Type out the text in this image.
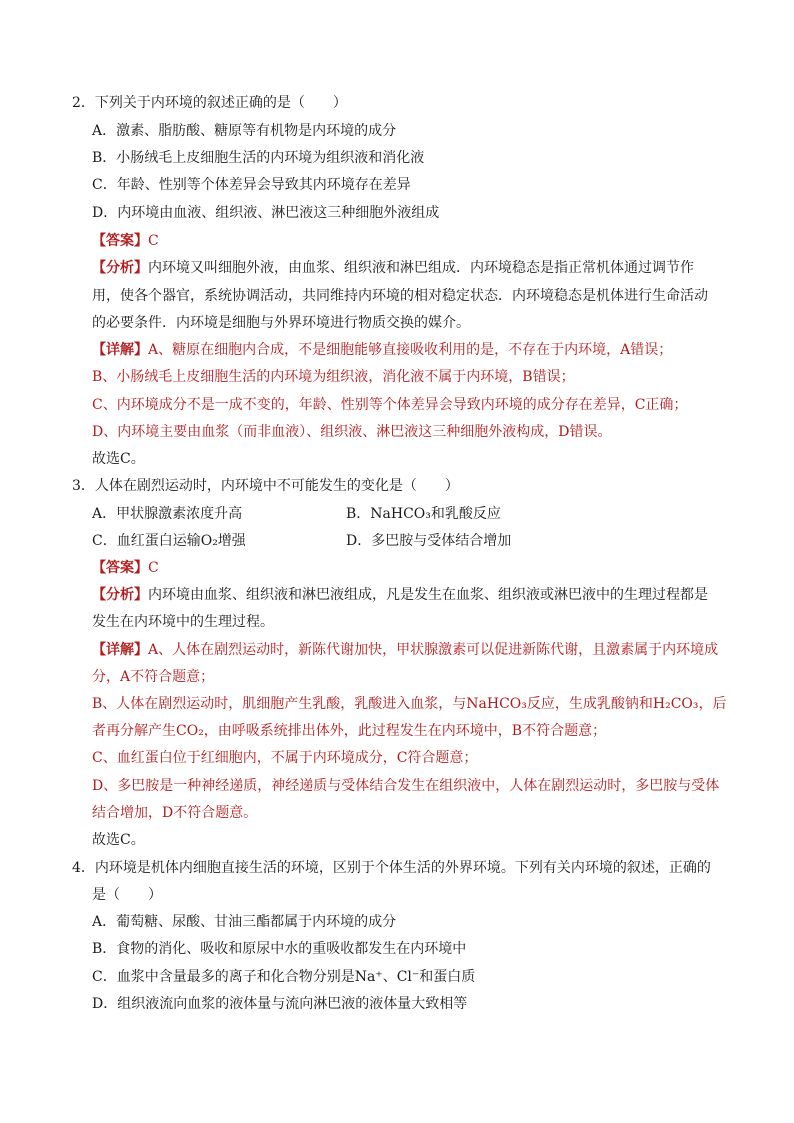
2．下列关于内环境的叙述正确的是（　　）
A．激素、脂肪酸、糖原等有机物是内环境的成分
B．小肠绒毛上皮细胞生活的内环境为组织液和消化液
C．年龄、性别等个体差异会导致其内环境存在差异
D．内环境由血液、组织液、淋巴液这三种细胞外液组成
【答案】C
【分析】内环境又叫细胞外液，由血浆、组织液和淋巴组成．内环境稳态是指正常机体通过调节作
用，使各个器官，系统协调活动，共同维持内环境的相对稳定状态．内环境稳态是机体进行生命活动
的必要条件．内环境是细胞与外界环境进行物质交换的媒介。
【详解】A、糖原在细胞内合成，不是细胞能够直接吸收利用的是，不存在于内环境，A错误；
B、小肠绒毛上皮细胞生活的内环境为组织液，消化液不属于内环境，B错误；
C、内环境成分不是一成不变的，年龄、性别等个体差异会导致内环境的成分存在差异，C正确；
D、内环境主要由血浆（而非血液）、组织液、淋巴液这三种细胞外液构成，D错误。
故选C。
3．人体在剧烈运动时，内环境中不可能发生的变化是（　　）
A．甲状腺激素浓度升高	B．NaHCO₃和乳酸反应
C．血红蛋白运输O₂增强	D．多巴胺与受体结合增加
【答案】C
【分析】内环境由血浆、组织液和淋巴液组成，凡是发生在血浆、组织液或淋巴液中的生理过程都是
发生在内环境中的生理过程。
【详解】A、人体在剧烈运动时，新陈代谢加快，甲状腺激素可以促进新陈代谢，且激素属于内环境成
分，A不符合题意；
B、人体在剧烈运动时，肌细胞产生乳酸，乳酸进入血浆，与NaHCO₃反应，生成乳酸钠和H₂CO₃，后
者再分解产生CO₂，由呼吸系统排出体外，此过程发生在内环境中，B不符合题意；
C、血红蛋白位于红细胞内，不属于内环境成分，C符合题意；
D、多巴胺是一种神经递质，神经递质与受体结合发生在组织液中，人体在剧烈运动时，多巴胺与受体
结合增加，D不符合题意。
故选C。
4．内环境是机体内细胞直接生活的环境，区别于个体生活的外界环境。下列有关内环境的叙述，正确的
是（　　）
A．葡萄糖、尿酸、甘油三酯都属于内环境的成分
B．食物的消化、吸收和原尿中水的重吸收都发生在内环境中
C．血浆中含量最多的离子和化合物分别是Na⁺、Cl⁻和蛋白质
D．组织液流向血浆的液体量与流向淋巴液的液体量大致相等
